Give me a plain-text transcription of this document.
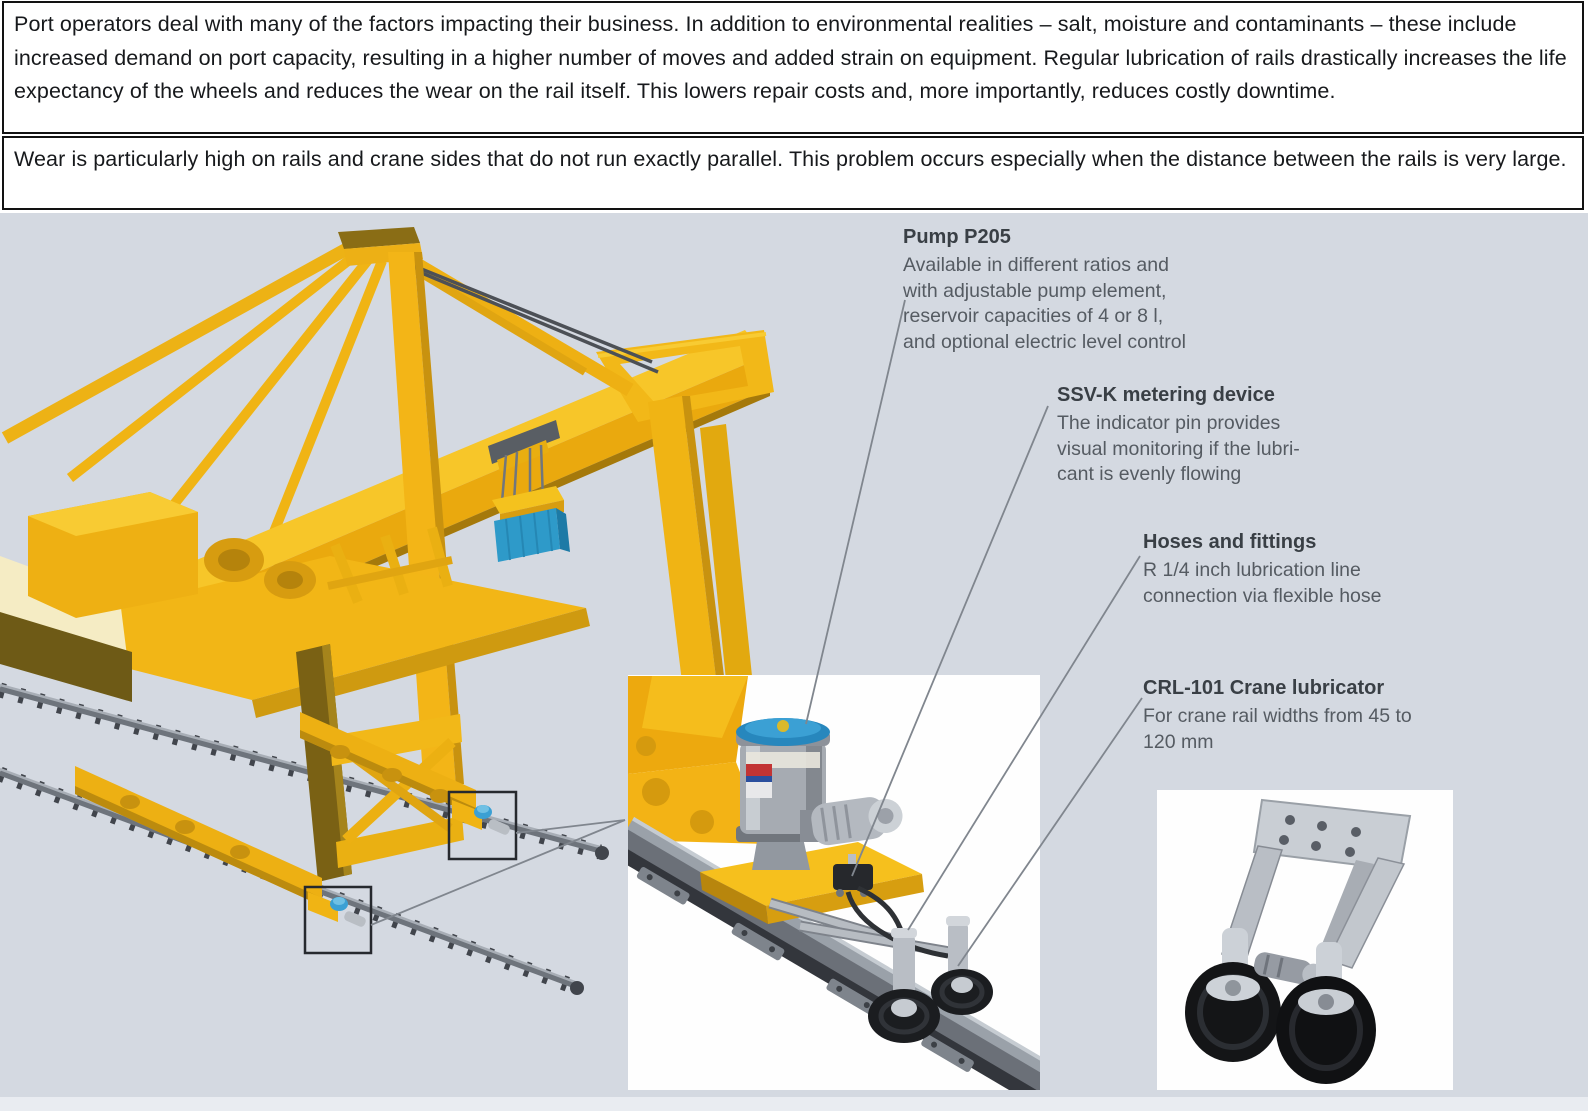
Port operators deal with many of the factors impacting their business. In addition to environmental realities – salt, moisture and contaminants – these include increased demand on port capacity, resulting in a higher number of moves and added strain on equipment. Regular lubrication of rails drastically increases the life expectancy of the wheels and reduces the wear on the rail itself. This lowers repair costs and, more importantly, reduces costly downtime.

Wear is particularly high on rails and crane sides that do not run exactly parallel. This problem occurs especially when the distance between the rails is very large.

Pump P205
Available in different ratios and
with adjustable pump element,
reservoir capacities of 4 or 8 l,
and optional electric level control
SSV-K metering device
The indicator pin provides
visual monitoring if the lubri-
cant is evenly flowing
Hoses and fittings
R 1/4 inch lubrication line
connection via flexible hose
CRL-101 Crane lubricator
For crane rail widths from 45 to
120 mm
